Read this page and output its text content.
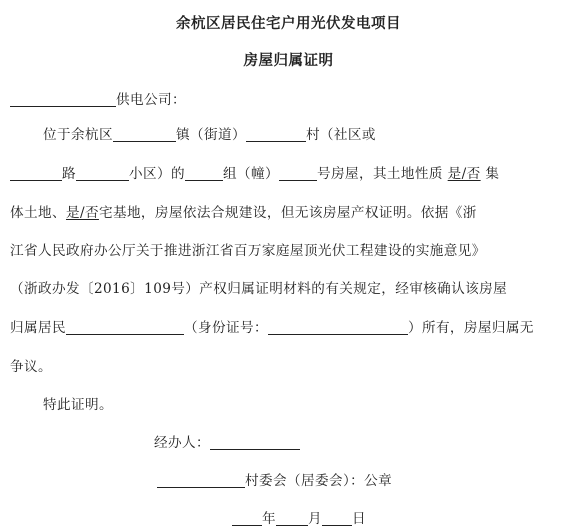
余杭区居民住宅户用光伏发电项目
房屋归属证明
供电公司：
位于余杭区	镇（街道）	村（社区或
路	小区）的	组（幢）	号房屋，其土地性质 是/否 集
体土地、是/否宅基地，房屋依法合规建设，但无该房屋产权证明。依据《浙
江省人民政府办公厅关于推进浙江省百万家庭屋顶光伏工程建设的实施意见》
（浙政办发〔2016〕109号）产权归属证明材料的有关规定，经审核确认该房屋
归属居民	（身份证号：	）所有，房屋归属无
争议。
特此证明。
经办人：
村委会（居委会）：公章
年 月 日
